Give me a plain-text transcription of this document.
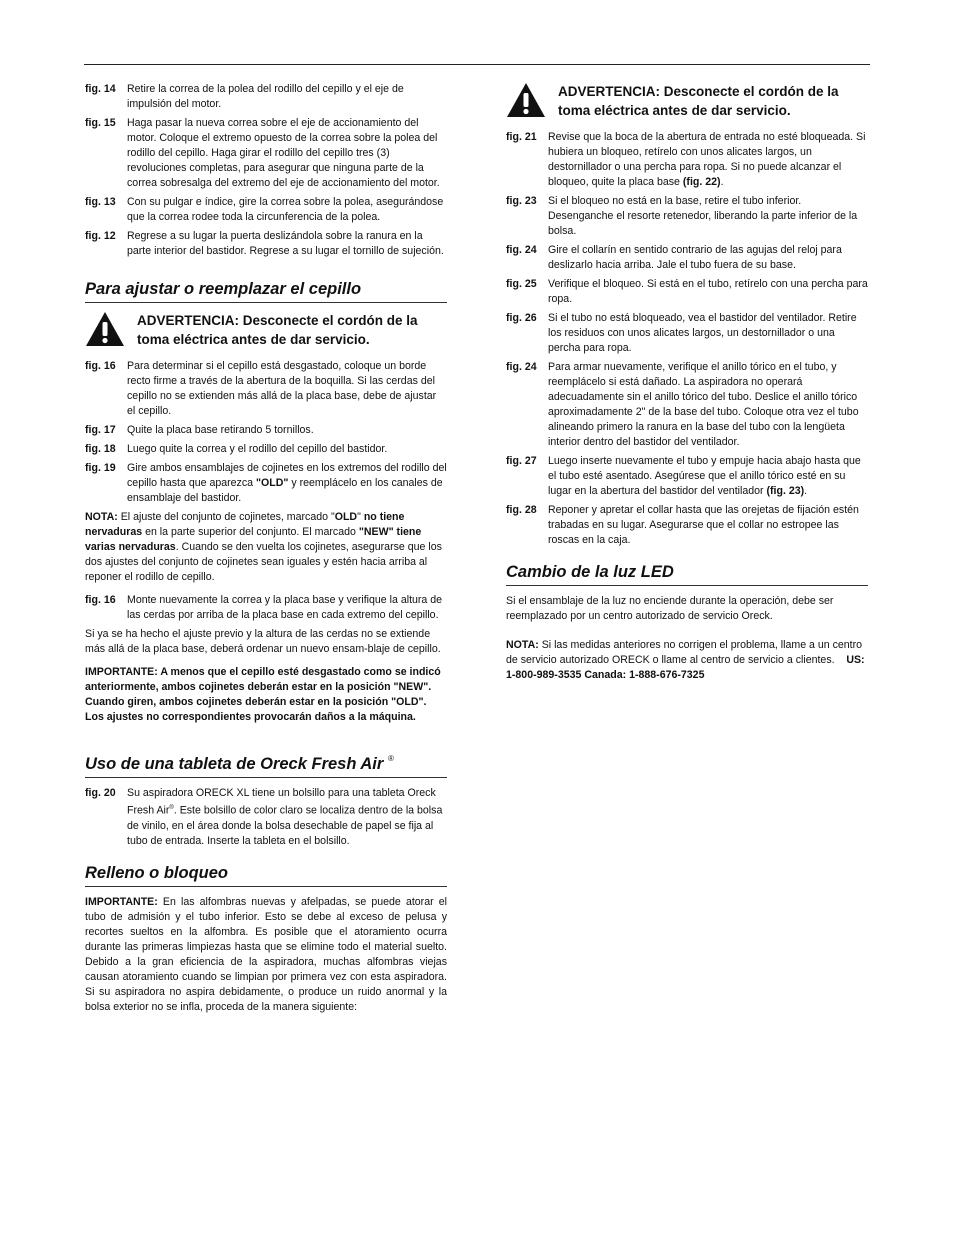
fig. 14	Retire la correa de la polea del rodillo del cepillo y el eje de impulsión del motor.
fig. 15	Haga pasar la nueva correa sobre el eje de accionamiento del motor. Coloque el extremo opuesto de la correa sobre la polea del rodillo del cepillo. Haga girar el rodillo del cepillo tres (3) revoluciones completas, para asegurar que ninguna parte de la correa sobresalga del extremo del eje de accionamiento del motor.
fig. 13	Con su pulgar e índice, gire la correa sobre la polea, asegurándose que la correa rodee toda la circunferencia de la polea.
fig. 12	Regrese a su lugar la puerta deslizándola sobre la ranura en la parte interior del bastidor. Regrese a su lugar el tornillo de sujeción.
Para ajustar o reemplazar el cepillo
ADVERTENCIA: Desconecte el cordón de la toma eléctrica antes de dar servicio.
fig. 16	Para determinar si el cepillo está desgastado, coloque un borde recto firme a través de la abertura de la boquilla. Si las cerdas del cepillo no se extienden más allá de la placa base, debe de ajustar el cepillo.
fig. 17	Quite la placa base retirando 5 tornillos.
fig. 18	Luego quite la correa y el rodillo del cepillo del bastidor.
fig. 19	Gire ambos ensamblajes de cojinetes en los extremos del rodillo del cepillo hasta que aparezca "OLD" y reemplácelo en los canales de ensamblaje del bastidor.

NOTA: El ajuste del conjunto de cojinetes, marcado "OLD" no tiene nervaduras en la parte superior del conjunto. El marcado "NEW" tiene varias nervaduras. Cuando se den vuelta los cojinetes, asegurarse que los dos ajustes del conjunto de cojinetes sean iguales y estén hacia arriba al reponer el rodillo de cepillo.

fig. 16	Monte nuevamente la correa y la placa base y verifique la altura de las cerdas por arriba de la placa base en cada extremo del cepillo.

Si ya se ha hecho el ajuste previo y la altura de las cerdas no se extiende más allá de la placa base, deberá ordenar un nuevo ensam-blaje de cepillo.

IMPORTANTE: A menos que el cepillo esté desgastado como se indicó anteriormente, ambos cojinetes deberán estar en la posición "NEW". Cuando giren, ambos cojinetes deberán estar en la posición "OLD". Los ajustes no correspondientes provocarán daños a la máquina.

Uso de una tableta de Oreck Fresh Air ®
fig. 20	Su aspiradora ORECK XL tiene un bolsillo para una tableta Oreck Fresh Air®. Este bolsillo de color claro se localiza dentro de la bolsa de vinilo, en el área donde la bolsa desechable de papel se fija al tubo de entrada. Inserte la tableta en el bolsillo.
Relleno o bloqueo

IMPORTANTE: En las alfombras nuevas y afelpadas, se puede atorar el tubo de admisión y el tubo inferior. Esto se debe al exceso de pelusa y recortes sueltos en la alfombra. Es posible que el atoramiento ocurra durante las primeras limpiezas hasta que se elimine todo el material suelto. Debido a la gran eficiencia de la aspiradora, muchas alfombras viejas causan atoramiento cuando se limpian por primera vez con esta aspiradora. Si su aspiradora no aspira debidamente, o produce un ruido anormal y la bolsa exterior no se infla, proceda de la manera siguiente:

ADVERTENCIA: Desconecte el cordón de la toma eléctrica antes de dar servicio.
fig. 21	Revise que la boca de la abertura de entrada no esté bloqueada. Si hubiera un bloqueo, retírelo con unos alicates largos, un destornillador o una percha para ropa. Si no puede alcanzar el bloqueo, quite la placa base (fig. 22).
fig. 23	Si el bloqueo no está en la base, retire el tubo inferior. Desenganche el resorte retenedor, liberando la parte inferior de la bolsa.
fig. 24	Gire el collarín en sentido contrario de las agujas del reloj para deslizarlo hacia arriba. Jale el tubo fuera de su base.
fig. 25	Verifique el bloqueo. Si está en el tubo, retírelo con una percha para ropa.
fig. 26	Si el tubo no está bloqueado, vea el bastidor del ventilador. Retire los residuos con unos alicates largos, un destornillador o una percha para ropa.
fig. 24	Para armar nuevamente, verifique el anillo tórico en el tubo, y reemplácelo si está dañado. La aspiradora no operará adecuadamente sin el anillo tórico del tubo. Deslice el anillo tórico aproximadamente 2" de la base del tubo. Coloque otra vez el tubo alineando primero la ranura en la base del tubo con la lengüeta interior dentro del bastidor del ventilador.
fig. 27	Luego inserte nuevamente el tubo y empuje hacia abajo hasta que el tubo esté asentado. Asegúrese que el anillo tórico esté en su lugar en la abertura del bastidor del ventilador (fig. 23).
fig. 28	Reponer y apretar el collar hasta que las orejetas de fijación estén trabadas en su lugar. Asegurarse que el collar no estropee las roscas en la caja.
Cambio de la luz LED

Si el ensamblaje de la luz no enciende durante la operación, debe ser reemplazado por un centro autorizado de servicio Oreck.

NOTA: Si las medidas anteriores no corrigen el problema, llame a un centro de servicio autorizado ORECK o llame al centro de servicio a clientes. US: 1-800-989-3535 Canada: 1-888-676-7325
